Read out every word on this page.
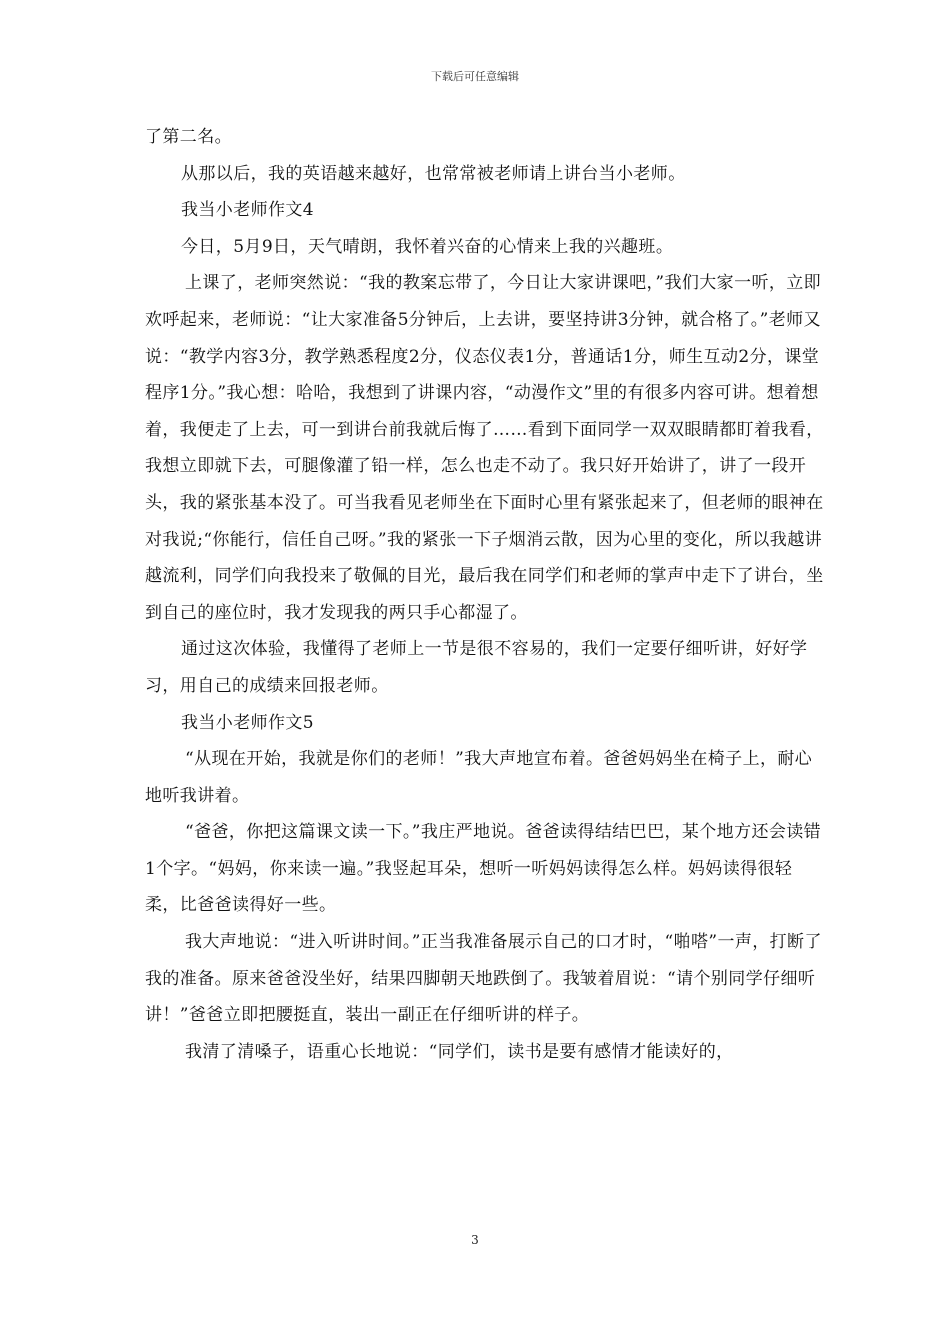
下载后可任意编辑

了第二名。

从那以后，我的英语越来越好，也常常被老师请上讲台当小老师。

我当小老师作文4

今日，5月9日，天气晴朗，我怀着兴奋的心情来上我的兴趣班。

上课了，老师突然说：“我的教案忘带了，今日让大家讲课吧，”我们大家一听，立即欢呼起来，老师说：“让大家准备5分钟后，上去讲，要坚持讲3分钟，就合格了。”老师又说：“教学内容3分，教学熟悉程度2分，仪态仪表1分，普通话1分，师生互动2分，课堂程序1分。”我心想：哈哈，我想到了讲课内容，“动漫作文”里的有很多内容可讲。想着想着，我便走了上去，可一到讲台前我就后悔了……看到下面同学一双双眼睛都盯着我看，我想立即就下去，可腿像灌了铅一样，怎么也走不动了。我只好开始讲了，讲了一段开头，我的紧张基本没了。可当我看见老师坐在下面时心里有紧张起来了，但老师的眼神在对我说;“你能行，信任自己呀。”我的紧张一下子烟消云散，因为心里的变化，所以我越讲越流利，同学们向我投来了敬佩的目光，最后我在同学们和老师的掌声中走下了讲台，坐到自己的座位时，我才发现我的两只手心都湿了。

通过这次体验，我懂得了老师上一节是很不容易的，我们一定要仔细听讲，好好学习，用自己的成绩来回报老师。

我当小老师作文5

“从现在开始，我就是你们的老师！”我大声地宣布着。爸爸妈妈坐在椅子上，耐心地听我讲着。

“爸爸，你把这篇课文读一下。”我庄严地说。爸爸读得结结巴巴，某个地方还会读错1个字。“妈妈，你来读一遍。”我竖起耳朵，想听一听妈妈读得怎么样。妈妈读得很轻柔，比爸爸读得好一些。

我大声地说：“进入听讲时间。”正当我准备展示自己的口才时，“啪嗒”一声，打断了我的准备。原来爸爸没坐好，结果四脚朝天地跌倒了。我皱着眉说：“请个别同学仔细听讲！”爸爸立即把腰挺直，装出一副正在仔细听讲的样子。

我清了清嗓子，语重心长地说：“同学们，读书是要有感情才能读好的，

3
